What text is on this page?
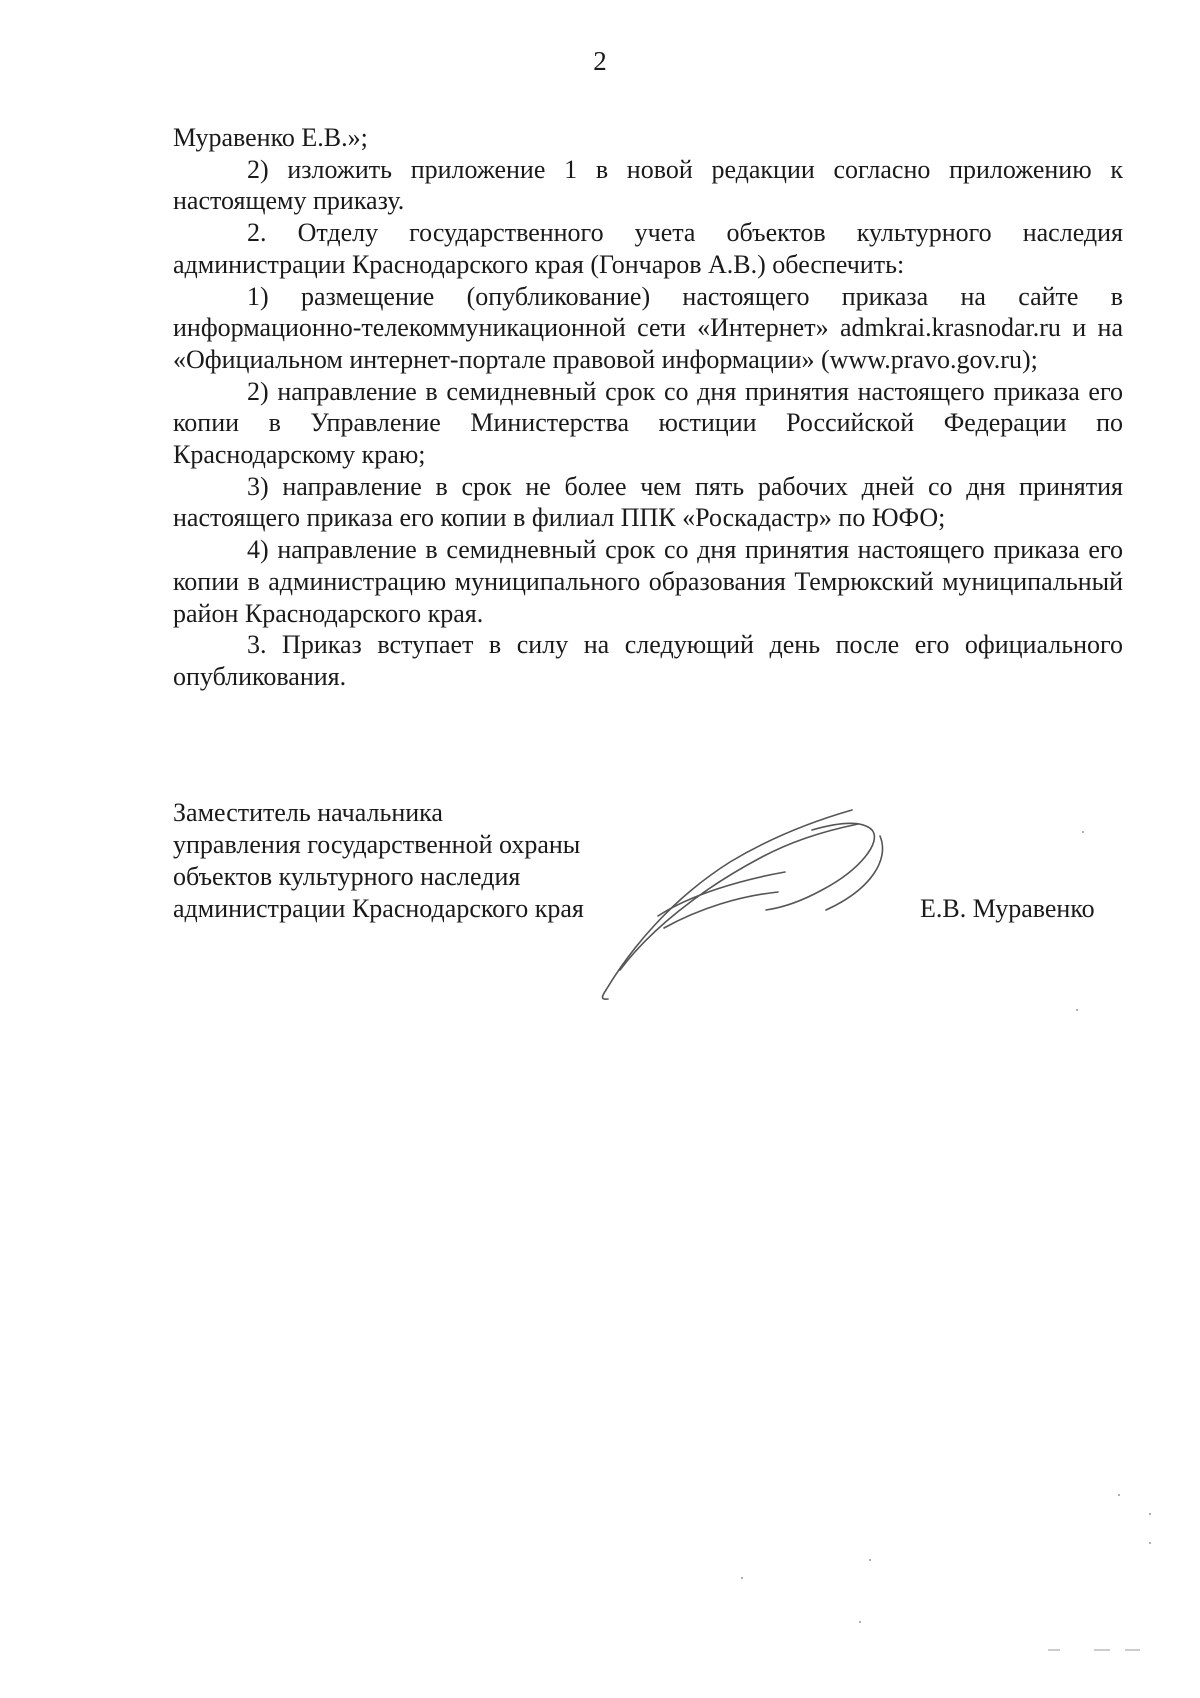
2

Муравенко Е.В.»;

2) изложить приложение 1 в новой редакции согласно приложению к настоящему приказу.

2. Отделу государственного учета объектов культурного наследия администрации Краснодарского края (Гончаров А.В.) обеспечить:

1) размещение (опубликование) настоящего приказа на сайте в информационно-телекоммуникационной сети «Интернет» admkrai.krasnodar.ru и на «Официальном интернет-портале правовой информации» (www.pravo.gov.ru);

2) направление в семидневный срок со дня принятия настоящего приказа его копии в Управление Министерства юстиции Российской Федерации по Краснодарскому краю;

3) направление в срок не более чем пять рабочих дней со дня принятия настоящего приказа его копии в филиал ППК «Роскадастр» по ЮФО;

4) направление в семидневный срок со дня принятия настоящего приказа его копии в администрацию муниципального образования Темрюкский муниципальный район Краснодарского края.

3. Приказ вступает в силу на следующий день после его официального опубликования.

Заместитель начальника
управления государственной охраны
объектов культурного наследия
администрации Краснодарского края	Е.В. Муравенко
